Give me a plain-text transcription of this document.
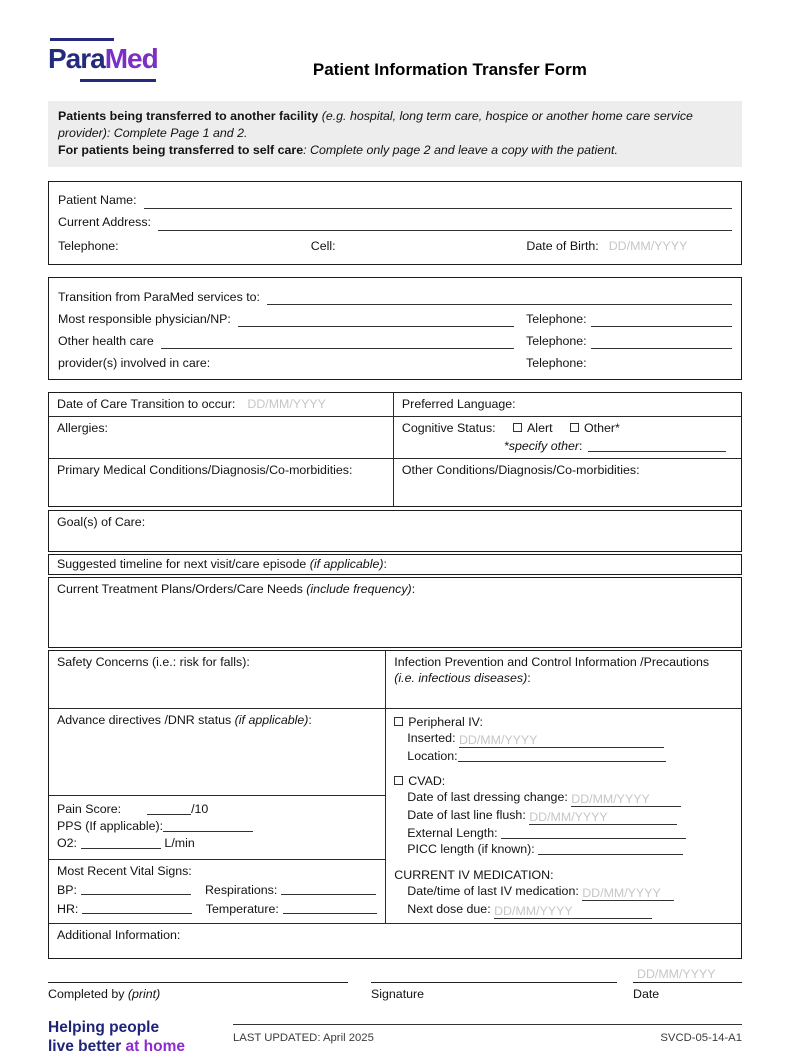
ParaMed	Patient Information Transfer Form
Patients being transferred to another facility (e.g. hospital, long term care, hospice or another home care service provider): Complete Page 1 and 2.
For patients being transferred to self care: Complete only page 2 and leave a copy with the patient.
Patient Name:
Current Address:
Telephone:	Cell:	Date of Birth: DD/MM/YYYY
Transition from ParaMed services to:
Most responsible physician/NP:	Telephone:
Other health care	Telephone:
provider(s) involved in care:	Telephone:
Date of Care Transition to occur: DD/MM/YYYY	Preferred Language:
Allergies:	Cognitive Status:	Alert	Other*
*specify other:
Primary Medical Conditions/Diagnosis/Co-morbidities:	Other Conditions/Diagnosis/Co-morbidities:
Goal(s) of Care:
Suggested timeline for next visit/care episode (if applicable):
Current Treatment Plans/Orders/Care Needs (include frequency):
Safety Concerns (i.e.: risk for falls):	Infection Prevention and Control Information /Precautions
(i.e. infectious diseases):
Advance directives /DNR status (if applicable):
Pain Score:	/10
PPS (If applicable):
O2:	L/min
Most Recent Vital Signs:
BP:	Respirations:
HR:	Temperature:
Peripheral IV:
Inserted: DD/MM/YYYY
Location:
CVAD:
Date of last dressing change: DD/MM/YYYY
Date of last line flush: DD/MM/YYYY
External Length:
PICC length (if known):
CURRENT IV MEDICATION:
Date/time of last IV medication: DD/MM/YYYY
Next dose due: DD/MM/YYYY
Additional Information:
Completed by (print)	Signature
DD/MM/YYYY
Date
Helping people
live better at home	LAST UPDATED: April 2025	SVCD-05-14-A1
